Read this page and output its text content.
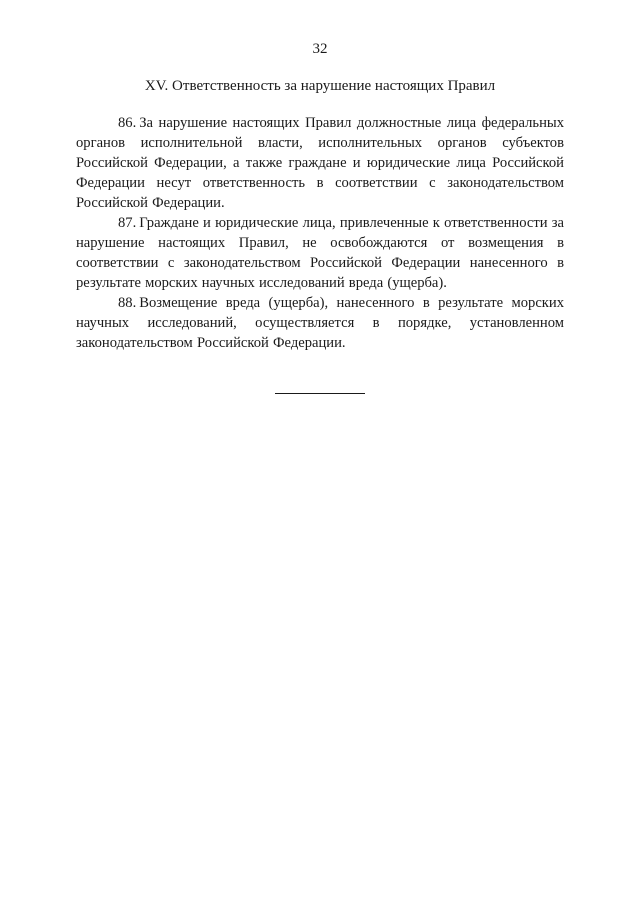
32
XV. Ответственность за нарушение настоящих Правил

86. За нарушение настоящих Правил должностные лица федеральных органов исполнительной власти, исполнительных органов субъектов Российской Федерации, а также граждане и юридические лица Российской Федерации несут ответственность в соответствии с законодательством Российской Федерации.

87. Граждане и юридические лица, привлеченные к ответственности за нарушение настоящих Правил, не освобождаются от возмещения в соответствии с законодательством Российской Федерации нанесенного в результате морских научных исследований вреда (ущерба).

88. Возмещение вреда (ущерба), нанесенного в результате морских научных исследований, осуществляется в порядке, установленном законодательством Российской Федерации.
